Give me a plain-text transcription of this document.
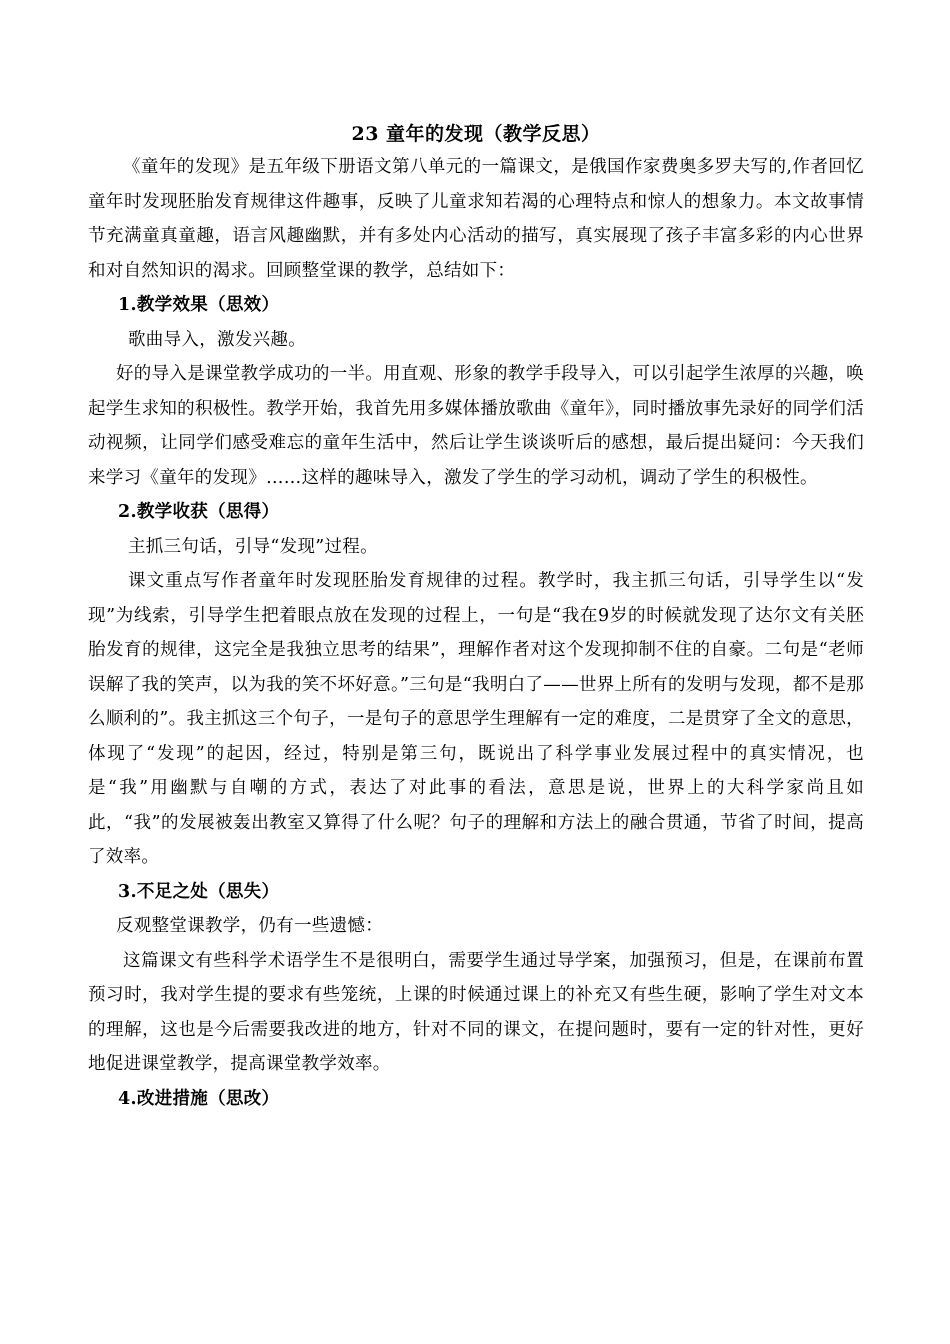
23 童年的发现（教学反思）

《童年的发现》是五年级下册语文第八单元的一篇课文，是俄国作家费奥多罗夫写的,作者回忆童年时发现胚胎发育规律这件趣事，反映了儿童求知若渴的心理特点和惊人的想象力。本文故事情节充满童真童趣，语言风趣幽默，并有多处内心活动的描写，真实展现了孩子丰富多彩的内心世界和对自然知识的渴求。回顾整堂课的教学，总结如下：

1.教学效果（思效）

歌曲导入，激发兴趣。

好的导入是课堂教学成功的一半。用直观、形象的教学手段导入，可以引起学生浓厚的兴趣，唤起学生求知的积极性。教学开始，我首先用多媒体播放歌曲《童年》，同时播放事先录好的同学们活动视频，让同学们感受难忘的童年生活中，然后让学生谈谈听后的感想，最后提出疑问：今天我们来学习《童年的发现》……这样的趣味导入，激发了学生的学习动机，调动了学生的积极性。

2.教学收获（思得）

主抓三句话，引导“发现”过程。

课文重点写作者童年时发现胚胎发育规律的过程。教学时，我主抓三句话，引导学生以“发现”为线索，引导学生把着眼点放在发现的过程上，一句是“我在9岁的时候就发现了达尔文有关胚胎发育的规律，这完全是我独立思考的结果”，理解作者对这个发现抑制不住的自豪。二句是“老师误解了我的笑声，以为我的笑不坏好意。”三句是“我明白了——世界上所有的发明与发现，都不是那么顺利的”。我主抓这三个句子，一是句子的意思学生理解有一定的难度，二是贯穿了全文的意思，体现了“发现”的起因，经过，特别是第三句，既说出了科学事业发展过程中的真实情况，也是“我”用幽默与自嘲的方式，表达了对此事的看法，意思是说，世界上的大科学家尚且如此，“我”的发展被轰出教室又算得了什么呢？句子的理解和方法上的融合贯通，节省了时间，提高了效率。

3.不足之处（思失）

反观整堂课教学，仍有一些遗憾：

这篇课文有些科学术语学生不是很明白，需要学生通过导学案，加强预习，但是，在课前布置预习时，我对学生提的要求有些笼统，上课的时候通过课上的补充又有些生硬，影响了学生对文本的理解，这也是今后需要我改进的地方，针对不同的课文，在提问题时，要有一定的针对性，更好地促进课堂教学，提高课堂教学效率。

4.改进措施（思改）
